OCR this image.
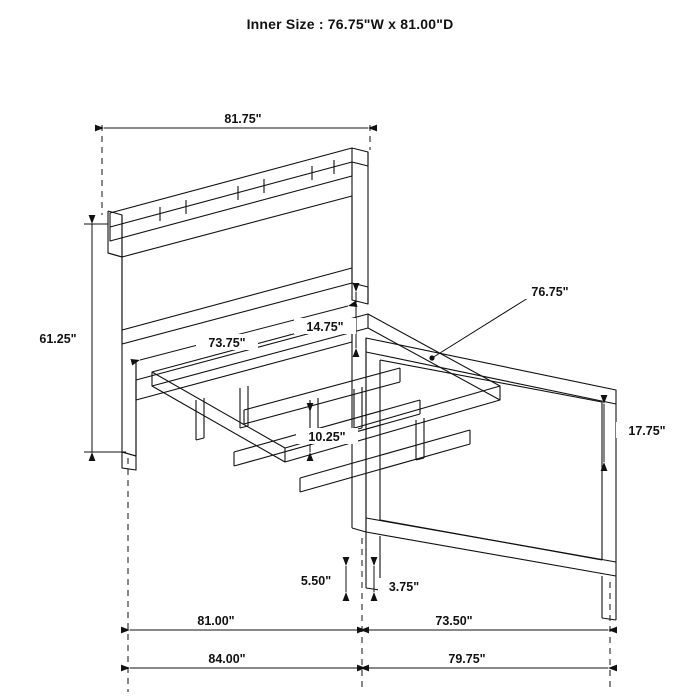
Inner Size : 76.75"W x 81.00"D
81.75"
61.25"	73.75"
14.75"
76.75"
10.25"	17.75"
5.50"	3.75"
81.00"	73.50"
84.00"	79.75"
